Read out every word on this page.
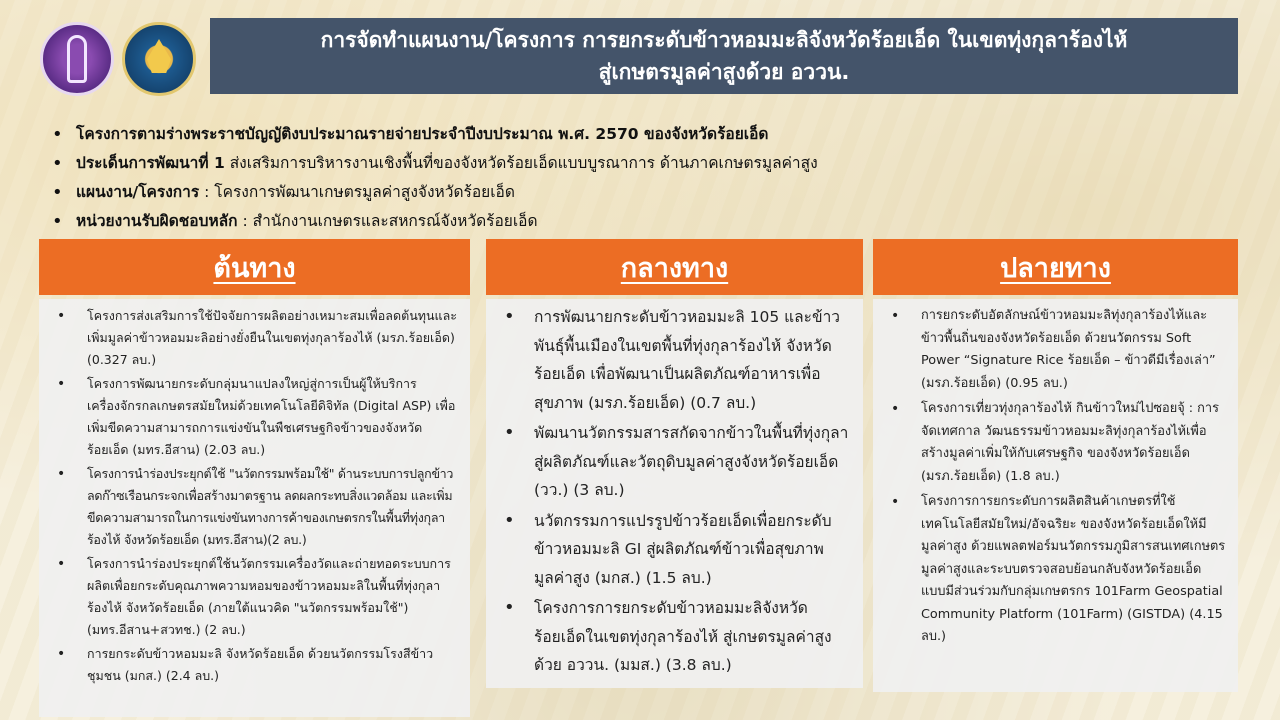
การจัดทำแผนงาน/โครงการ การยกระดับข้าวหอมมะลิจังหวัดร้อยเอ็ด ในเขตทุ่งกุลาร้องไห้
สู่เกษตรมูลค่าสูงด้วย อววน.
• โครงการตามร่างพระราชบัญญัติงบประมาณรายจ่ายประจำปีงบประมาณ พ.ศ. 2570 ของจังหวัดร้อยเอ็ด
• ประเด็นการพัฒนาที่ 1 ส่งเสริมการบริหารงานเชิงพื้นที่ของจังหวัดร้อยเอ็ดแบบบูรณาการ ด้านภาคเกษตรมูลค่าสูง
• แผนงาน/โครงการ : โครงการพัฒนาเกษตรมูลค่าสูงจังหวัดร้อยเอ็ด
• หน่วยงานรับผิดชอบหลัก : สำนักงานเกษตรและสหกรณ์จังหวัดร้อยเอ็ด
ต้นทาง
• โครงการส่งเสริมการใช้ปัจจัยการผลิตอย่างเหมาะสมเพื่อลดต้นทุนและเพิ่มมูลค่าข้าวหอมมะลิอย่างยั่งยืนในเขตทุ่งกุลาร้องไห้ (มรภ.ร้อยเอ็ด) (0.327 ลบ.)
• โครงการพัฒนายกระดับกลุ่มนาแปลงใหญ่สู่การเป็นผู้ให้บริการเครื่องจักรกลเกษตรสมัยใหม่ด้วยเทคโนโลยีดิจิทัล (Digital ASP) เพื่อเพิ่มขีดความสามารถการแข่งขันในพืชเศรษฐกิจข้าวของจังหวัดร้อยเอ็ด (มทร.อีสาน) (2.03 ลบ.)
• โครงการนำร่องประยุกต์ใช้ "นวัตกรรมพร้อมใช้" ด้านระบบการปลูกข้าวลดก๊าซเรือนกระจกเพื่อสร้างมาตรฐาน ลดผลกระทบสิ่งแวดล้อม และเพิ่มขีดความสามารถในการแข่งขันทางการค้าของเกษตรกรในพื้นที่ทุ่งกุลาร้องไห้ จังหวัดร้อยเอ็ด (มทร.อีสาน)(2 ลบ.)
• โครงการนำร่องประยุกต์ใช้นวัตกรรมเครื่องวัดและถ่ายทอดระบบการผลิตเพื่อยกระดับคุณภาพความหอมของข้าวหอมมะลิในพื้นที่ทุ่งกุลาร้องไห้ จังหวัดร้อยเอ็ด (ภายใต้แนวคิด "นวัตกรรมพร้อมใช้") (มทร.อีสาน+สวทช.) (2 ลบ.)
• การยกระดับข้าวหอมมะลิ จังหวัดร้อยเอ็ด ด้วยนวัตกรรมโรงสีข้าวชุมชน (มกส.) (2.4 ลบ.)
กลางทาง
• การพัฒนายกระดับข้าวหอมมะลิ 105 และข้าวพันธุ์พื้นเมืองในเขตพื้นที่ทุ่งกุลาร้องไห้ จังหวัดร้อยเอ็ด เพื่อพัฒนาเป็นผลิตภัณฑ์อาหารเพื่อสุขภาพ (มรภ.ร้อยเอ็ด) (0.7 ลบ.)
• พัฒนานวัตกรรมสารสกัดจากข้าวในพื้นที่ทุ่งกุลาสู่ผลิตภัณฑ์และวัตถุดิบมูลค่าสูงจังหวัดร้อยเอ็ด (วว.) (3 ลบ.)
• นวัตกรรมการแปรรูปข้าวร้อยเอ็ดเพื่อยกระดับข้าวหอมมะลิ GI สู่ผลิตภัณฑ์ข้าวเพื่อสุขภาพมูลค่าสูง (มกส.) (1.5 ลบ.)
• โครงการการยกระดับข้าวหอมมะลิจังหวัดร้อยเอ็ดในเขตทุ่งกุลาร้องไห้ สู่เกษตรมูลค่าสูงด้วย อววน. (มมส.) (3.8 ลบ.)
ปลายทาง
• การยกระดับอัตลักษณ์ข้าวหอมมะลิทุ่งกุลาร้องไห้และข้าวพื้นถิ่นของจังหวัดร้อยเอ็ด ด้วยนวัตกรรม Soft Power “Signature Rice ร้อยเอ็ด – ข้าวดีมีเรื่องเล่า” (มรภ.ร้อยเอ็ด) (0.95 ลบ.)
• โครงการเที่ยวทุ่งกุลาร้องไห้ กินข้าวใหม่ไปซอยจุ้ : การจัดเทศกาล วัฒนธรรมข้าวหอมมะลิทุ่งกุลาร้องไห้เพื่อสร้างมูลค่าเพิ่มให้กับเศรษฐกิจ ของจังหวัดร้อยเอ็ด (มรภ.ร้อยเอ็ด) (1.8 ลบ.)
• โครงการการยกระดับการผลิตสินค้าเกษตรที่ใช้เทคโนโลยีสมัยใหม่/อัจฉริยะ ของจังหวัดร้อยเอ็ดให้มีมูลค่าสูง ด้วยแพลตฟอร์มนวัตกรรมภูมิสารสนเทศเกษตรมูลค่าสูงและระบบตรวจสอบย้อนกลับจังหวัดร้อยเอ็ด แบบมีส่วนร่วมกับกลุ่มเกษตรกร 101Farm Geospatial Community Platform (101Farm) (GISTDA) (4.15 ลบ.)
